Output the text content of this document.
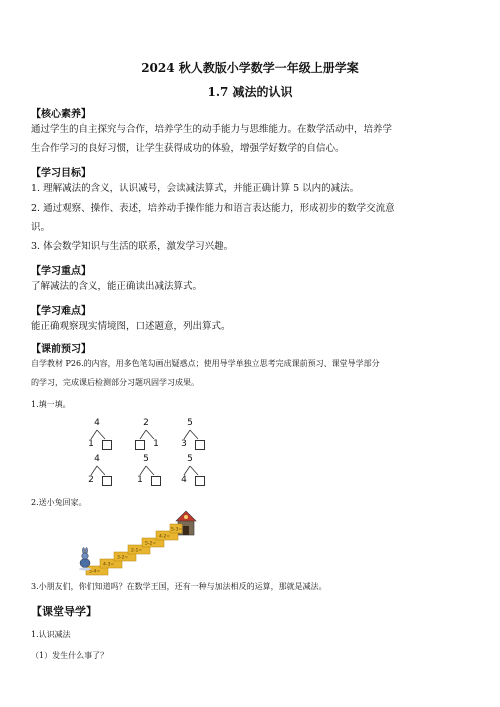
2024 秋人教版小学数学一年级上册学案
1.7 减法的认识
【核心素养】
通过学生的自主探究与合作，培养学生的动手能力与思维能力。在数学活动中，培养学
生合作学习的良好习惯，让学生获得成功的体验，增强学好数学的自信心。
【学习目标】
1. 理解减法的含义，认识减号，会读减法算式，并能正确计算 5 以内的减法。
2. 通过观察、操作、表述，培养动手操作能力和语言表达能力，形成初步的数学交流意
识。
3. 体会数学知识与生活的联系，激发学习兴趣。
【学习重点】
了解减法的含义，能正确读出减法算式。
【学习难点】
能正确观察现实情境图，口述题意，列出算式。
【课前预习】
自学教材 P26.的内容，用多色笔勾画出疑惑点；使用导学单独立思考完成课前预习、课堂导学部分
的学习，完成课后检测部分习题巩固学习成果。
1.填一填。
4
1
2
1
5
3
4
2
5
1
5
4
2.送小兔回家。
5-4=
4-3=
3-2=
2-1=
5-2=
4-2=
5-3=
3.小朋友们，你们知道吗？在数学王国，还有一种与加法相反的运算，那就是减法。
【课堂导学】
1.认识减法
（1）发生什么事了？
